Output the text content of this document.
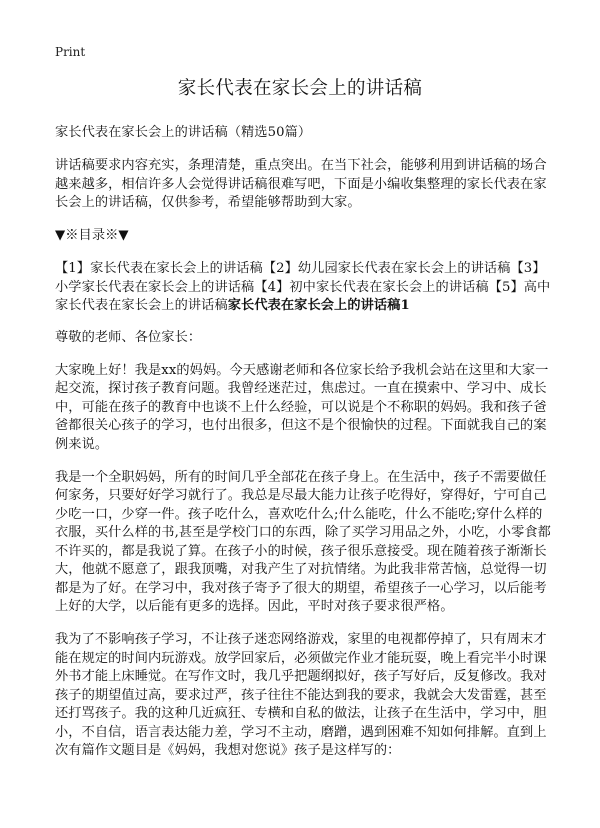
Print
家长代表在家长会上的讲话稿

家长代表在家长会上的讲话稿（精选50篇）

讲话稿要求内容充实，条理清楚，重点突出。在当下社会，能够利用到讲话稿的场合越来越多，相信许多人会觉得讲话稿很难写吧，下面是小编收集整理的家长代表在家长会上的讲话稿，仅供参考，希望能够帮助到大家。

▼※目录※▼

【1】家长代表在家长会上的讲话稿【2】幼儿园家长代表在家长会上的讲话稿【3】小学家长代表在家长会上的讲话稿【4】初中家长代表在家长会上的讲话稿【5】高中家长代表在家长会上的讲话稿家长代表在家长会上的讲话稿1

尊敬的老师、各位家长：

大家晚上好！我是xx的妈妈。今天感谢老师和各位家长给予我机会站在这里和大家一起交流，探讨孩子教育问题。我曾经迷茫过，焦虑过。一直在摸索中、学习中、成长中，可能在孩子的教育中也谈不上什么经验，可以说是个不称职的妈妈。我和孩子爸爸都很关心孩子的学习，也付出很多，但这不是个很愉快的过程。下面就我自己的案例来说。

我是一个全职妈妈，所有的时间几乎全部花在孩子身上。在生活中，孩子不需要做任何家务，只要好好学习就行了。我总是尽最大能力让孩子吃得好，穿得好，宁可自己少吃一口，少穿一件。孩子吃什么，喜欢吃什么;什么能吃，什么不能吃;穿什么样的衣服，买什么样的书,甚至是学校门口的东西，除了买学习用品之外，小吃，小零食都不许买的，都是我说了算。在孩子小的时候，孩子很乐意接受。现在随着孩子渐渐长大，他就不愿意了，跟我顶嘴，对我产生了对抗情绪。为此我非常苦恼，总觉得一切都是为了好。在学习中，我对孩子寄予了很大的期望，希望孩子一心学习，以后能考上好的大学，以后能有更多的选择。因此，平时对孩子要求很严格。

我为了不影响孩子学习，不让孩子迷恋网络游戏，家里的电视都停掉了，只有周末才能在规定的时间内玩游戏。放学回家后，必须做完作业才能玩耍，晚上看完半小时课外书才能上床睡觉。在写作文时，我几乎把题纲拟好，孩子写好后，反复修改。我对孩子的期望值过高，要求过严，孩子往往不能达到我的要求，我就会大发雷霆，甚至还打骂孩子。我的这种几近疯狂、专横和自私的做法，让孩子在生活中，学习中，胆小，不自信，语言表达能力差，学习不主动，磨蹭，遇到困难不知如何排解。直到上次有篇作文题目是《妈妈，我想对您说》孩子是这样写的：
